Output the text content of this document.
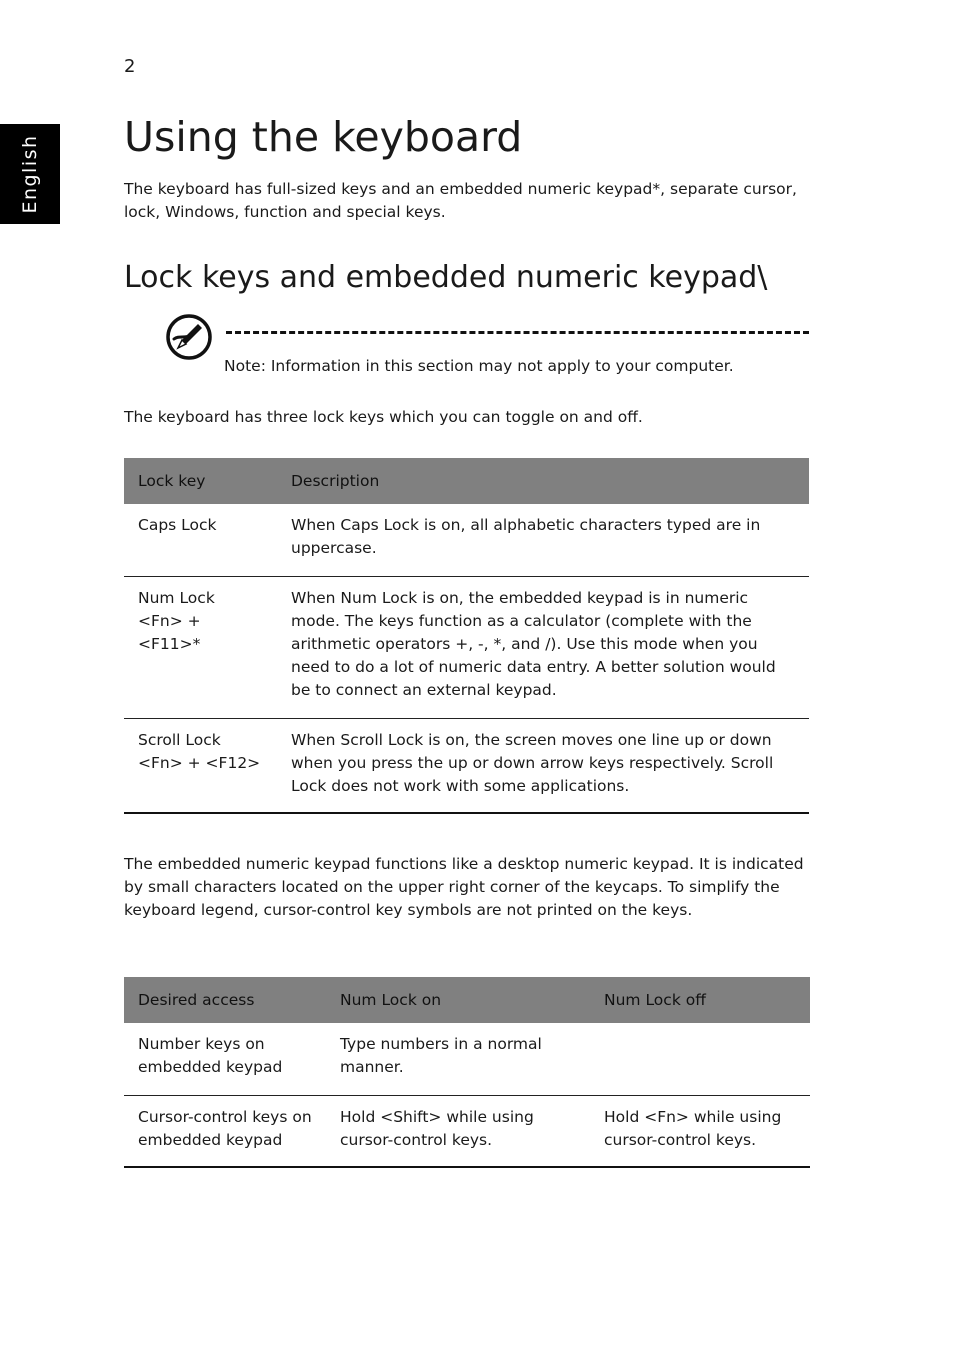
2
English Using the keyboard

The keyboard has full-sized keys and an embedded numeric keypad*, separate cursor, lock, Windows, function and special keys.

Lock keys and embedded numeric keypad\

The keyboard has three lock keys which you can toggle on and off.

Lock key	Description

Caps Lock	When Caps Lock is on, all alphabetic characters typed are in uppercase.

Num Lock
<Fn> + <F11>*	When Num Lock is on, the embedded keypad is in numeric mode. The keys function as a calculator (complete with the arithmetic operators +, -, *, and /). Use this mode when you need to do a lot of numeric data entry. A better solution would be to connect an external keypad.

Scroll Lock
<Fn> + <F12>	When Scroll Lock is on, the screen moves one line up or down when you press the up or down arrow keys respectively. Scroll Lock does not work with some applications.

The embedded numeric keypad functions like a desktop numeric keypad. It is indicated by small characters located on the upper right corner of the keycaps. To simplify the keyboard legend, cursor-control key symbols are not printed on the keys.

Desired access	Num Lock on	Num Lock off
Number keys on embedded keypad	Type numbers in a normal manner.	
Cursor-control keys on embedded keypad	Hold <Shift> while using cursor-control keys.	Hold <Fn> while using cursor-control keys.

Note: Information in this section may not apply to your computer.
